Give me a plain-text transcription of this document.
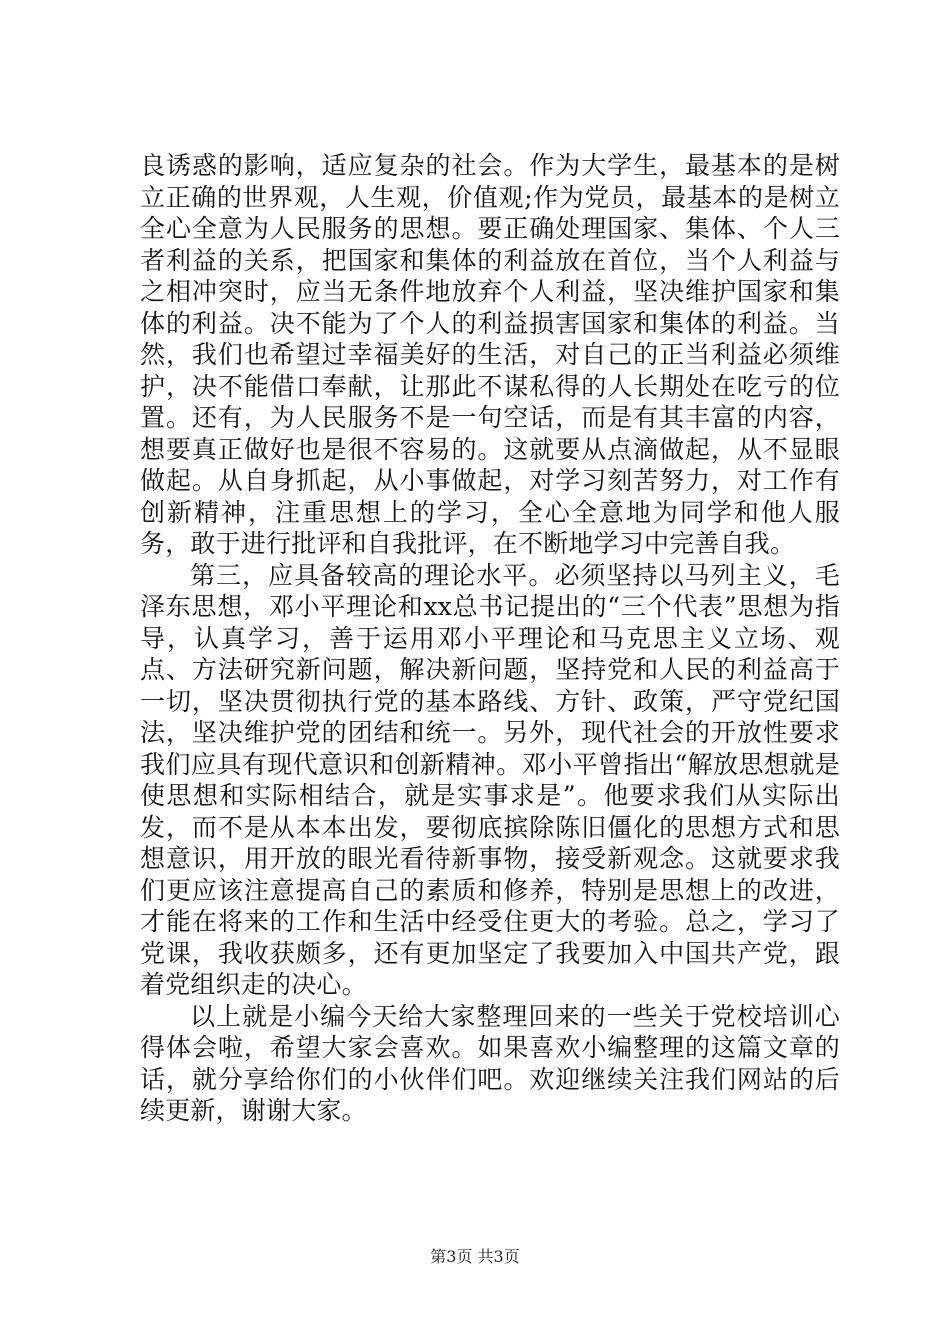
良诱惑的影响，适应复杂的社会。作为大学生，最基本的是树立正确的世界观，人生观，价值观;作为党员，最基本的是树立全心全意为人民服务的思想。要正确处理国家、集体、个人三者利益的关系，把国家和集体的利益放在首位，当个人利益与之相冲突时，应当无条件地放弃个人利益，坚决维护国家和集体的利益。决不能为了个人的利益损害国家和集体的利益。当然，我们也希望过幸福美好的生活，对自己的正当利益必须维护，决不能借口奉献，让那此不谋私得的人长期处在吃亏的位置。还有，为人民服务不是一句空话，而是有其丰富的内容，想要真正做好也是很不容易的。这就要从点滴做起，从不显眼做起。从自身抓起，从小事做起，对学习刻苦努力，对工作有创新精神，注重思想上的学习，全心全意地为同学和他人服务，敢于进行批评和自我批评，在不断地学习中完善自我。

第三，应具备较高的理论水平。必须坚持以马列主义，毛泽东思想，邓小平理论和xx总书记提出的“三个代表”思想为指导，认真学习，善于运用邓小平理论和马克思主义立场、观点、方法研究新问题，解决新问题，坚持党和人民的利益高于一切，坚决贯彻执行党的基本路线、方针、政策，严守党纪国法，坚决维护党的团结和统一。另外，现代社会的开放性要求我们应具有现代意识和创新精神。邓小平曾指出“解放思想就是使思想和实际相结合，就是实事求是”。他要求我们从实际出发，而不是从本本出发，要彻底摈除陈旧僵化的思想方式和思想意识，用开放的眼光看待新事物，接受新观念。这就要求我们更应该注意提高自己的素质和修养，特别是思想上的改进，才能在将来的工作和生活中经受住更大的考验。总之，学习了党课，我收获颇多，还有更加坚定了我要加入中国共产党，跟着党组织走的决心。

以上就是小编今天给大家整理回来的一些关于党校培训心得体会啦，希望大家会喜欢。如果喜欢小编整理的这篇文章的话，就分享给你们的小伙伴们吧。欢迎继续关注我们网站的后续更新，谢谢大家。

第3页 共3页
